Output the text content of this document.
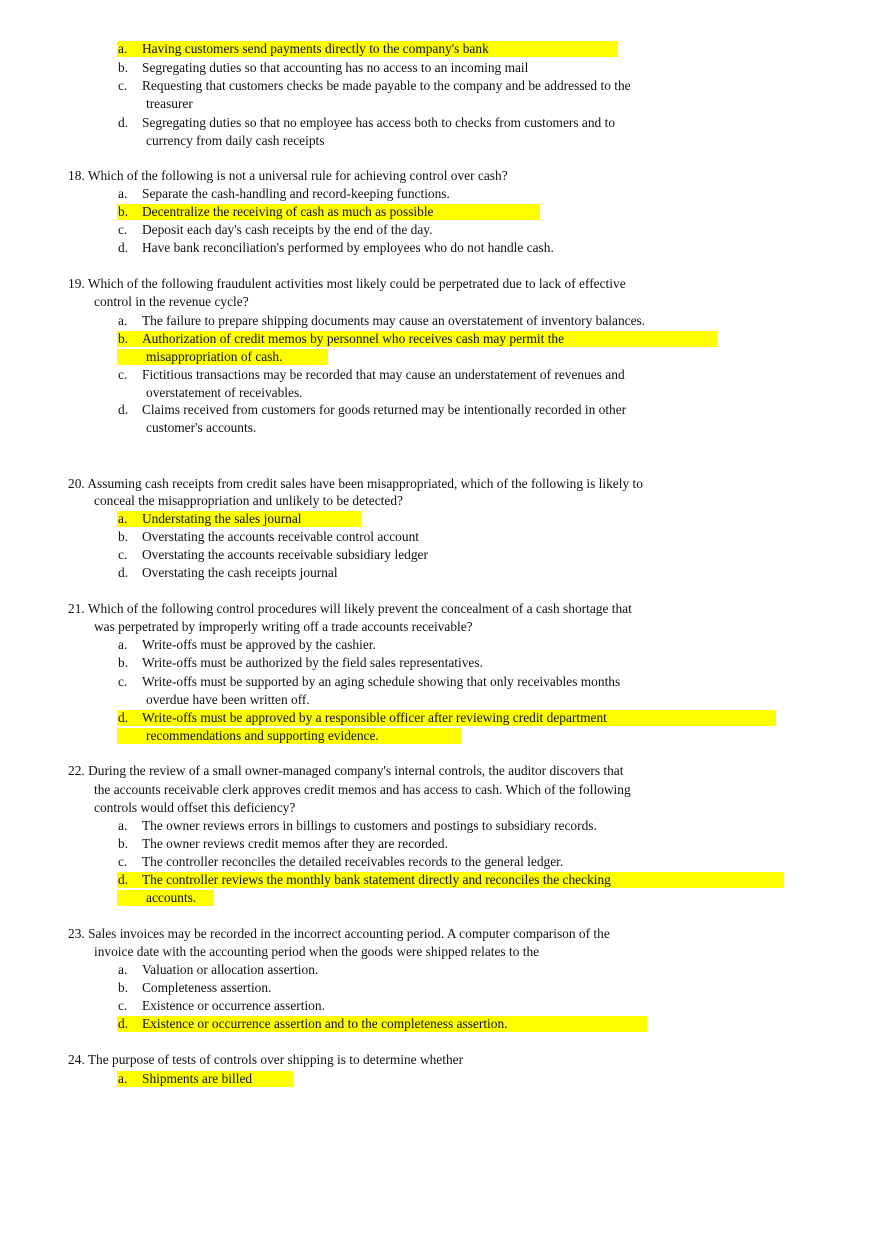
18. Which of the following is not a universal rule for achieving control over cash?
19. Which of the following fraudulent activities most likely could be perpetrated due to lack of effective
control in the revenue cycle?
20. Assuming cash receipts from credit sales have been misappropriated, which of the following is likely to
conceal the misappropriation and unlikely to be detected?
21. Which of the following control procedures will likely prevent the concealment of a cash shortage that
was perpetrated by improperly writing off a trade accounts receivable?
22. During the review of a small owner-managed company's internal controls, the auditor discovers that
the accounts receivable clerk approves credit memos and has access to cash. Which of the following
controls would offset this deficiency?
23. Sales invoices may be recorded in the incorrect accounting period. A computer comparison of the
invoice date with the accounting period when the goods were shipped relates to the
24. The purpose of tests of controls over shipping is to determine whether
a. Having customers send payments directly to the company's bank
b. Segregating duties so that accounting has no access to an incoming mail
c. Requesting that customers checks be made payable to the company and be addressed to the
treasurer
d. Segregating duties so that no employee has access both to checks from customers and to
currency from daily cash receipts
a. Separate the cash-handling and record-keeping functions.
b. Decentralize the receiving of cash as much as possible
c. Deposit each day's cash receipts by the end of the day.
d. Have bank reconciliation's performed by employees who do not handle cash.
a. The failure to prepare shipping documents may cause an overstatement of inventory balances.
b. Authorization of credit memos by personnel who receives cash may permit the
misappropriation of cash.
c. Fictitious transactions may be recorded that may cause an understatement of revenues and
overstatement of receivables.
d. Claims received from customers for goods returned may be intentionally recorded in other
customer's accounts.
a. Understating the sales journal
b. Overstating the accounts receivable control account
c. Overstating the accounts receivable subsidiary ledger
d. Overstating the cash receipts journal
a. Write-offs must be approved by the cashier.
b. Write-offs must be authorized by the field sales representatives.
c. Write-offs must be supported by an aging schedule showing that only receivables months
overdue have been written off.
d. Write-offs must be approved by a responsible officer after reviewing credit department
recommendations and supporting evidence.
a. The owner reviews errors in billings to customers and postings to subsidiary records.
b. The owner reviews credit memos after they are recorded.
c. The controller reconciles the detailed receivables records to the general ledger.
d. The controller reviews the monthly bank statement directly and reconciles the checking
accounts.
a. Valuation or allocation assertion.
b. Completeness assertion.
c. Existence or occurrence assertion.
d. Existence or occurrence assertion and to the completeness assertion.
a. Shipments are billed
